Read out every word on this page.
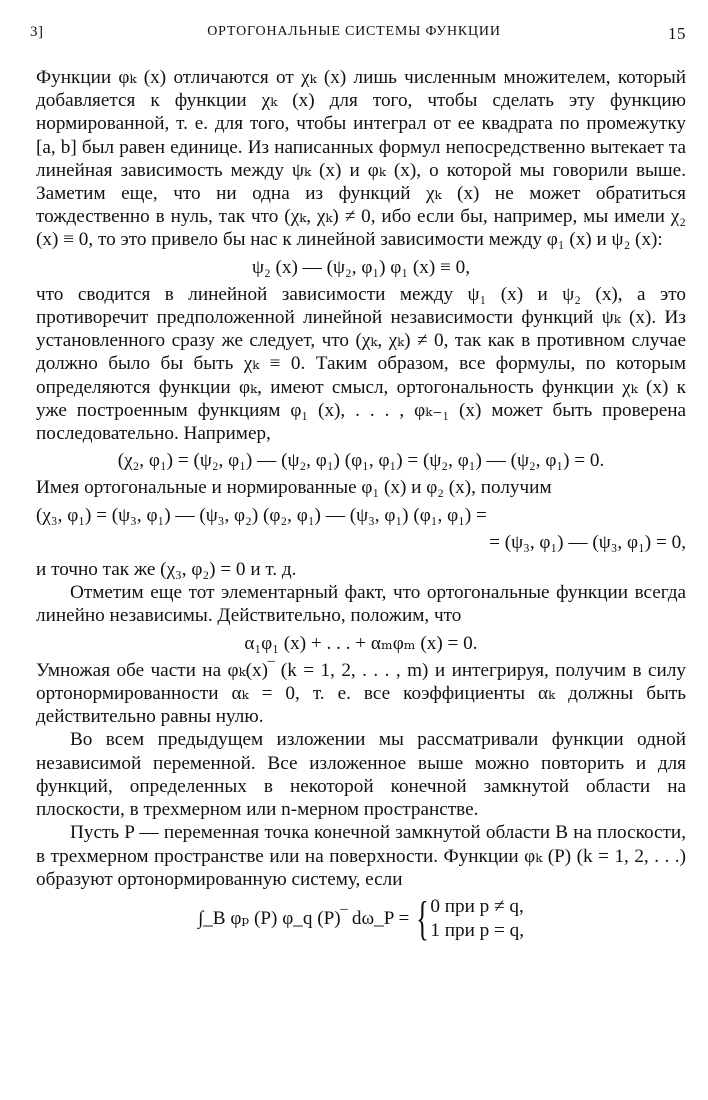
3]	ОРТОГОНАЛЬНЫЕ СИСТЕМЫ ФУНКЦИИ	15

Функции φₖ (x) отличаются от χₖ (x) лишь численным множителем, который добавляется к функции χₖ (x) для того, чтобы сделать эту функцию нормированной, т. е. для того, чтобы интеграл от ее квадрата по промежутку [a, b] был равен единице. Из написанных формул непосредственно вытекает та линейная зависимость между ψₖ (x) и φₖ (x), о которой мы говорили выше. Заметим еще, что ни одна из функций χₖ (x) не может обратиться тождественно в нуль, так что (χₖ, χₖ) ≠ 0, ибо если бы, например, мы имели χ₂ (x) ≡ 0, то это привело бы нас к линейной зависимости между φ₁ (x) и ψ₂ (x):

ψ₂ (x) — (ψ₂, φ₁) φ₁ (x) ≡ 0,

что сводится в линейной зависимости между ψ₁ (x) и ψ₂ (x), а это противоречит предположенной линейной независимости функций ψₖ (x). Из установленного сразу же следует, что (χₖ, χₖ) ≠ 0, так как в противном случае должно было бы быть χₖ ≡ 0. Таким образом, все формулы, по которым определяются функции φₖ, имеют смысл, ортогональность функции χₖ (x) к уже построенным функциям φ₁ (x), . . . , φₖ₋₁ (x) может быть проверена последовательно. Например,

(χ₂, φ₁) = (ψ₂, φ₁) — (ψ₂, φ₁) (φ₁, φ₁) = (ψ₂, φ₁) — (ψ₂, φ₁) = 0.

Имея ортогональные и нормированные φ₁ (x) и φ₂ (x), получим

(χ₃, φ₁) = (ψ₃, φ₁) — (ψ₃, φ₂) (φ₂, φ₁) — (ψ₃, φ₁) (φ₁, φ₁) =
= (ψ₃, φ₁) — (ψ₃, φ₁) = 0,

и точно так же (χ₃, φ₂) = 0 и т. д.

Отметим еще тот элементарный факт, что ортогональные функции всегда линейно независимы. Действительно, положим, что

α₁φ₁ (x) + . . . + αₘφₘ (x) = 0.

Умножая обе части на φₖ(x)‾ (k = 1, 2, . . . , m) и интегрируя, получим в силу ортонормированности αₖ = 0, т. е. все коэффициенты αₖ должны быть действительно равны нулю.

Во всем предыдущем изложении мы рассматривали функции одной независимой переменной. Все изложенное выше можно повторить и для функций, определенных в некоторой конечной замкнутой области на плоскости, в трехмерном или n-мерном пространстве.

Пусть P — переменная точка конечной замкнутой области B на плоскости, в трехмерном пространстве или на поверхности. Функции φₖ (P) (k = 1, 2, . . .) образуют ортонормированную систему, если

∫_B φₚ (P) φ_q (P)‾ dω_P = { 0 при p ≠ q,
1 при p = q,
